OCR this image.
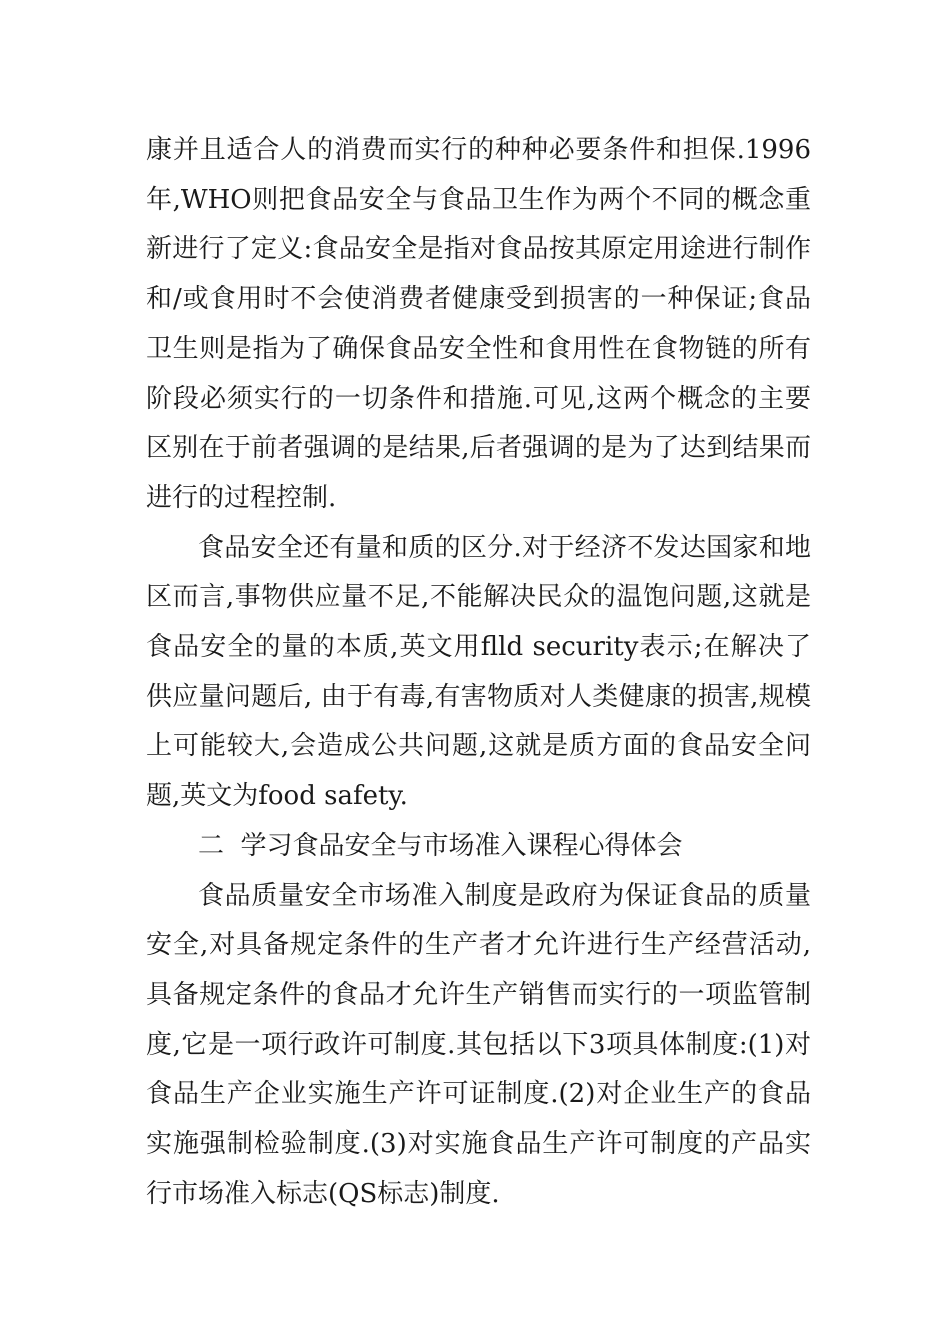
康并且适合人的消费而实行的种种必要条件和担保.1996年,WHO则把食品安全与食品卫生作为两个不同的概念重新进行了定义:食品安全是指对食品按其原定用途进行制作和/或食用时不会使消费者健康受到损害的一种保证;食品卫生则是指为了确保食品安全性和食用性在食物链的所有阶段必须实行的一切条件和措施.可见,这两个概念的主要区别在于前者强调的是结果,后者强调的是为了达到结果而进行的过程控制.

食品安全还有量和质的区分.对于经济不发达国家和地区而言,事物供应量不足,不能解决民众的温饱问题,这就是食品安全的量的本质,英文用flld security表示;在解决了供应量问题后, 由于有毒,有害物质对人类健康的损害,规模上可能较大,会造成公共问题,这就是质方面的食品安全问题,英文为food safety.

二  学习食品安全与市场准入课程心得体会

食品质量安全市场准入制度是政府为保证食品的质量安全,对具备规定条件的生产者才允许进行生产经营活动,具备规定条件的食品才允许生产销售而实行的一项监管制度,它是一项行政许可制度.其包括以下3项具体制度:(1)对食品生产企业实施生产许可证制度.(2)对企业生产的食品实施强制检验制度.(3)对实施食品生产许可制度的产品实行市场准入标志(QS标志)制度.
